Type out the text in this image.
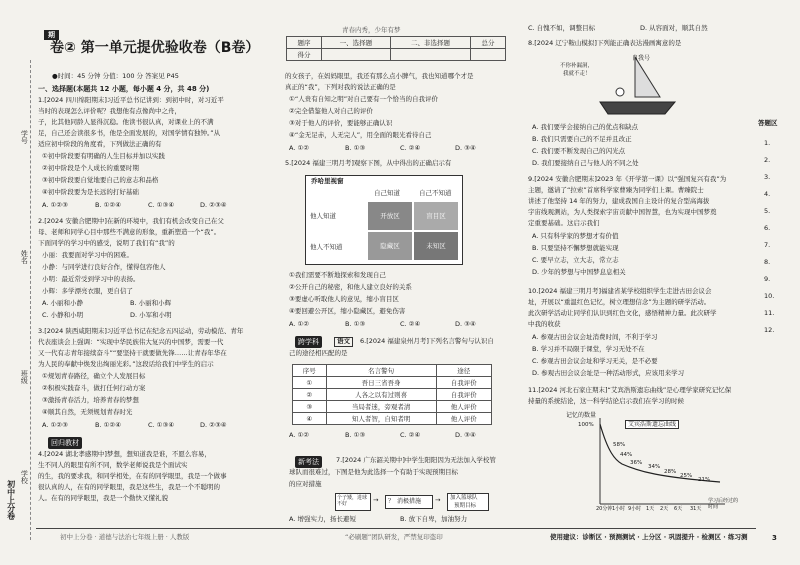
期
卷② 第一单元提优验收卷（B卷）
青春内秀，少年有梦
题序	一、选择题	二、非选择题	总分
得分			
●时间：45 分钟 分值：100 分 答案见 P45
一、选择题(本题共 12 小题，每小题 4 分，共 48 分)
学号
姓名
班级
学校
初中上分卷
1.[2024 四川绵阳期末]习近平总书记讲到：到初中时，对习近平
当时的表现怎么评价呢？我想他有点像尚中之舟，
子，比其他同龄人显得沉稳。他读书很认真，对课业上的不满
足，自己还会读很多书，他是全面发展的，对国学情有独钟。”从
适应初中阶段的角度看，下列做法正确的有
①初中阶段要有明确的人生目标并加以实践
②初中阶段是个人成长的重要时期
③初中阶段要自觉地要自己的意志和品格
④初中阶段要为是长远的打好基础
A. ①②③	B. ①②④	C. ①③④	D. ②③④
2.[2024 安徽合肥期中]在新的环境中，我们有机会改变自己在父
母、老师和同学心目中那些不满意的形象，重新塑造一个“我”。
下面同学的学习中的感受，说明了我们有“我”的
小丽：我要面对学习中的困难。
小静：与同学进行良好合作，懂得包容他人
小明：最近常受到学习中的表扬。
小辉：多学漂亮衣服，更自信了
A. 小丽和小静	B. 小丽和小辉
C. 小静和小明	D. 小军和小明
3.[2024 陕西咸阳期末]习近平总书记在纪念五四运动，劳动模范、青年
代表座谈会上强调：“实现中华民族伟大复兴的中国梦，需要一代
又一代有志青年接续奋斗”“要坚持干就要做先锋……让青春年华在
为人民的奉献中焕发出绚丽光彩。”这段话给我们中学生的启示
①规划青春路径，确立个人发展目标
②积极实践奋斗，做打任何行动方案
③激扬青春活力，培养青春的梦想
④顺其自然，无须规划青春时光
A. ①②③	B. ①②④	C. ①③④	D. ②③④
回归教材
4.[2024 湖北孝感期中]梦想，想知道我是谁，不愿么容易，
生不同人的眼里有所不同，数学老师说我是个面试实
的生，我的要求我，和同学相处，在有的同学眼里，我是一个做事
很认真的人，在有的同学眼里，我是这些生，我是一个不聪明的
人。在有的同学眼里，我是一个勤快又懂礼貌
初中上分卷 · 道德与法治七年级上册 · 人教版
的女孩子，在妈妈眼里，我还有那么点小脾气，我也知道哪个才是
真正的“我”，下列对我的说法正确的是
①“人贵有自知之明”对自己要有一个恰当的自我评价
②完全借鉴他人对自己的评价
③对于他人的评价，要能够正确认识
④“金无足赤，人无完人”，用全面的眼光看待自己
A. ①②	B. ①③	C. ②④	D. ③④
5.[2024 福建三明月考]观察下图，从中得出的正确启示有
乔哈里视窗
自己知道	自己不知道
他人知道
他人不知道
开放区	盲目区
隐藏区	未知区
①我们需要不断地探索和发现自己
②公开自己的秘密，和他人建立良好的关系
③要虚心听取他人的意见，缩小盲目区
④要回避公开区，缩小隐藏区，避免伤害
A. ①②	B. ①③	C. ②④	D. ③④
跨学科	语文	6.[2024 福建泉州月考]下列名言警句与认识自
己的途径相匹配的是
序号	名言警句	途径
①	吾日三省吾身	自我评价
②	人各之以有过则喜	自我评价
③	当局者迷，旁观者清	他人评价
④	知人者智，自知者明	他人评价
A. ①②	B. ①③	C. ②④	D. ③④
新考法	7.[2024 广东韶关期中]中学生阳阳因为无法加入学校管
球队而很难过，下图是他为此选择一个有助于实现预期目标
的应对措施
个子矮，进球不好	→ ？ 消极措施 → 加入篮球队
预期目标
A. 增强实力，扬长避短	B. 放下自卑，加油努力
“必刷题”团队研发，严禁复印盗印
C. 自愧不如，调整目标	D. 从容面对，顺其自然
8.[2024 辽宁鞍山模拟]下列能正确表达漫画寓意的是
自我号
不你补漏洞，
我就不走！
A. 我们要学会接纳自己的优点和缺点
B. 我们只需要自己的不足并且改正
C. 我们要不断发现自己的闪光点
D. 我们要接纳自己与他人的不同之处
9.[2024 安徽合肥期末]2023 年《开学第一课》以“强国复兴有我”为
主题，邀请了“拉索”首席科学家曹臻为同学们上课。曹臻院士
讲述了他坚持 14 年的努力，建成我国自主设计的复合型高海拔
宇宙线观测站，为人类探索宇宙贡献中国智慧，也为实现中国梦奠
定重要基础。这启示我们
A. 只有科学家的梦想才有价值
B. 只要坚持不懈梦想就能实现
C. 要早立志，立大志，常立志
D. 少年的梦想与中国梦息息相关
10.[2024 福建三明月考]福建省某学校组织学生走进古田会议会
址，开展以“重温红色记忆，树立理想信念”为主题的研学活动。
此次研学活动让同学们认识到红色文化，感悟精神力量。此次研学
中我的收获
A. 参观古田会议会址消费时间，不利于学习
B. 学习并不局限于课堂，学习无处不在
C. 参观古田会议会址和学习无关，是不必要
D. 参观古田会议会址是一种活动形式，应该用来学习
11.[2024 河北石家庄期末]“艾宾浩斯遗忘曲线”是心理学家研究记忆保
持量的系统结论，这一科学结论启示我们在学习的时候
艾宾浩斯遗忘曲线
记忆的数量
100%
58%
44%
36%
34%
28%
25%
21%
20分钟 1小时 9小时 1天 2天 6天 31天
学习后经过的时间
使用建议：诊断区 · 预测测试 · 上分区 · 巩固提升 · 检测区 · 练习测	3
答题区
1.
2.
3.
4.
5.
6.
7.
8.
9.
10.
11.
12.
